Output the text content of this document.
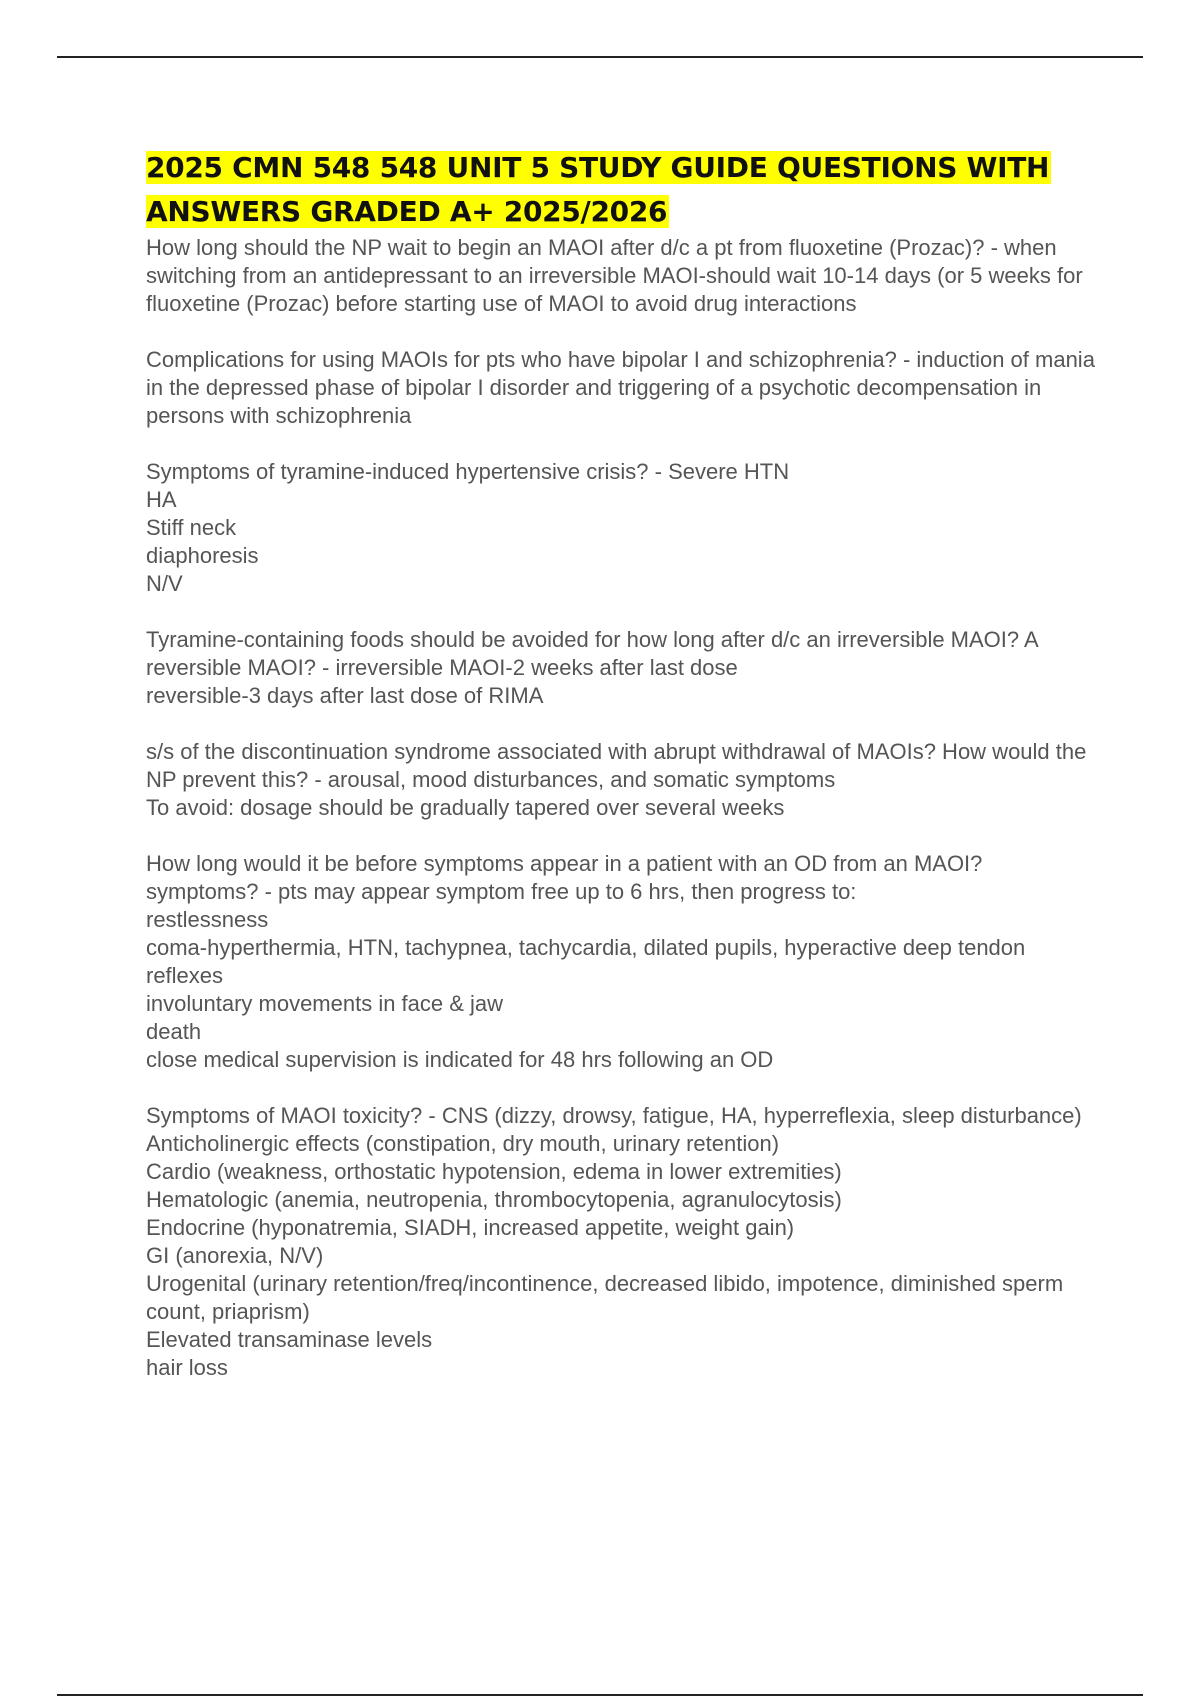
2025 CMN 548 548 UNIT 5 STUDY GUIDE QUESTIONS WITH
ANSWERS GRADED A+ 2025/2026

How long should the NP wait to begin an MAOI after d/c a pt from fluoxetine (Prozac)? - when switching from an antidepressant to an irreversible MAOI-should wait 10-14 days (or 5 weeks for fluoxetine (Prozac) before starting use of MAOI to avoid drug interactions

Complications for using MAOIs for pts who have bipolar I and schizophrenia? - induction of mania in the depressed phase of bipolar I disorder and triggering of a psychotic decompensation in persons with schizophrenia

Symptoms of tyramine-induced hypertensive crisis? - Severe HTN

HA

Stiff neck

diaphoresis

N/V

Tyramine-containing foods should be avoided for how long after d/c an irreversible MAOI? A reversible MAOI? - irreversible MAOI-2 weeks after last dose

reversible-3 days after last dose of RIMA

s/s of the discontinuation syndrome associated with abrupt withdrawal of MAOIs? How would the NP prevent this? - arousal, mood disturbances, and somatic symptoms

To avoid: dosage should be gradually tapered over several weeks

How long would it be before symptoms appear in a patient with an OD from an MAOI? symptoms? - pts may appear symptom free up to 6 hrs, then progress to:

restlessness

coma-hyperthermia, HTN, tachypnea, tachycardia, dilated pupils, hyperactive deep tendon reflexes

involuntary movements in face & jaw

death

close medical supervision is indicated for 48 hrs following an OD

Symptoms of MAOI toxicity? - CNS (dizzy, drowsy, fatigue, HA, hyperreflexia, sleep disturbance)

Anticholinergic effects (constipation, dry mouth, urinary retention)

Cardio (weakness, orthostatic hypotension, edema in lower extremities)

Hematologic (anemia, neutropenia, thrombocytopenia, agranulocytosis)

Endocrine (hyponatremia, SIADH, increased appetite, weight gain)

GI (anorexia, N/V)

Urogenital (urinary retention/freq/incontinence, decreased libido, impotence, diminished sperm count, priaprism)

Elevated transaminase levels

hair loss
